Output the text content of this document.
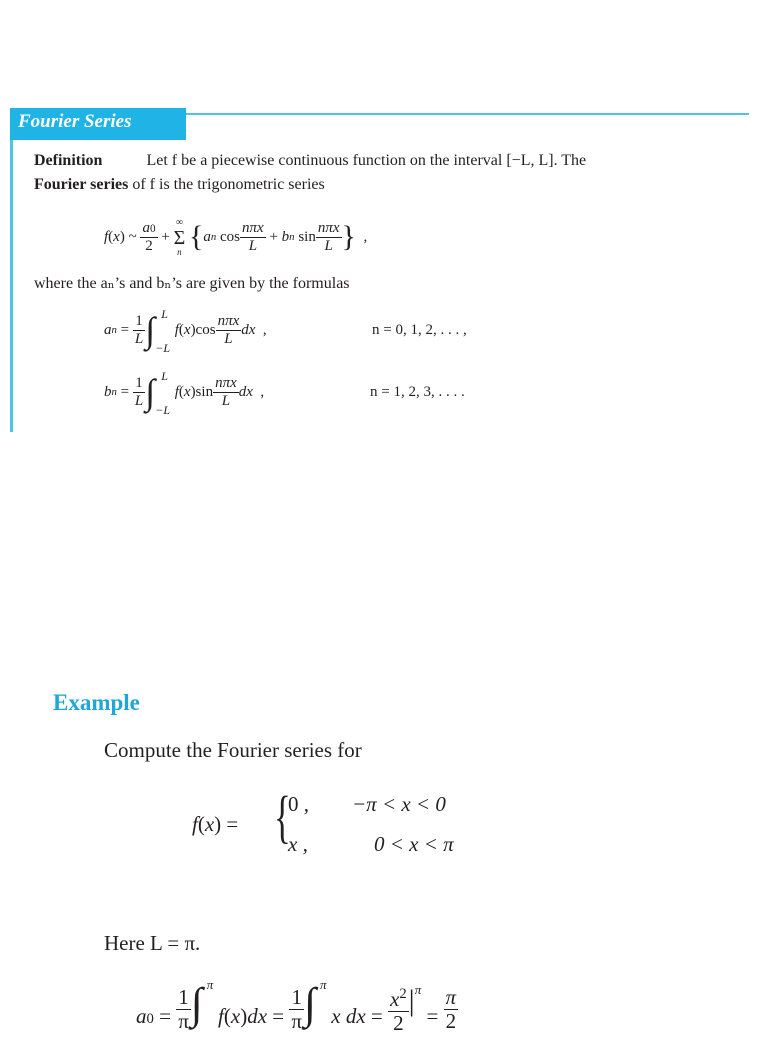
Fourier Series
Definition	Let f be a piecewise continuous function on the interval [−L, L]. The
Fourier series of f is the trigonometric series
f ( x ) ~ $\frac{a0}{2}$ +
∞
Σ
n
{ a n $\cos \frac{\text{nπx}}{L} + b$ n $\sin \frac{\text{nπx}}{L}$ } ,
where the aₙ’s and bₙ’s are given by the formulas
a $n = \frac{1}{L}$ ∫ L
−L

f ( x )$\cos \frac{\text{nπx}}{L}$ dx ,	n = 0, 1, 2, . . . ,
b $n = \frac{1}{L}$ ∫ L
−L

f ( x )$\sin \frac{\text{nπx}}{L}$ dx ,	n = 1, 2, 3, . . . .
Example
Compute the Fourier series for
f(x) = {
0 , −π < x < 0
x ,	0 < x < π
Here L = π.
$a0 = \frac{1}{\pi}$ ∫ π
$f(x)dx = \frac{1}{\pi}$ ∫ π
x dx = $\frac{x^2}{2}$ | π
= $\frac{\pi}{2}$
